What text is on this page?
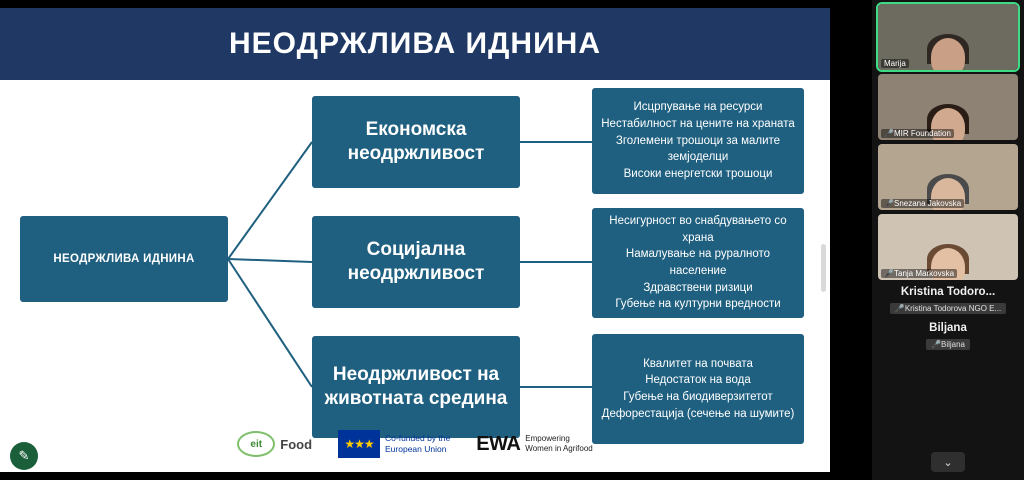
НЕОДРЖЛИВА ИДНИНА
НЕОДРЖЛИВА ИДНИНА
Економска неодржливост
Социјална неодржливост
Неодржливост на животната средина
Исцрпување на ресурси
Нестабилност на цените на храната
Зголемени трошоци за малите земјоделци
Високи енергетски трошоци
Несигурност во снабдувањето со храна
Намалување на руралното население
Здравствени ризици
Губење на културни вредности
Квалитет на почвата
Недостаток на вода
Губење на биодиверзитетот
Дефорестација (сечење на шумите)
eit	Food	★★★	Co-funded by the
European Union EWA Empowering
Women in Agrifood
✎
Marija
🎤 MIR Foundation
🎤 Snezana Jakovska
🎤 Tanja Markovska
Kristina Todoro...
🎤 Kristina Todorova NGO E...
Biljana
🎤 Biljana
⌄
